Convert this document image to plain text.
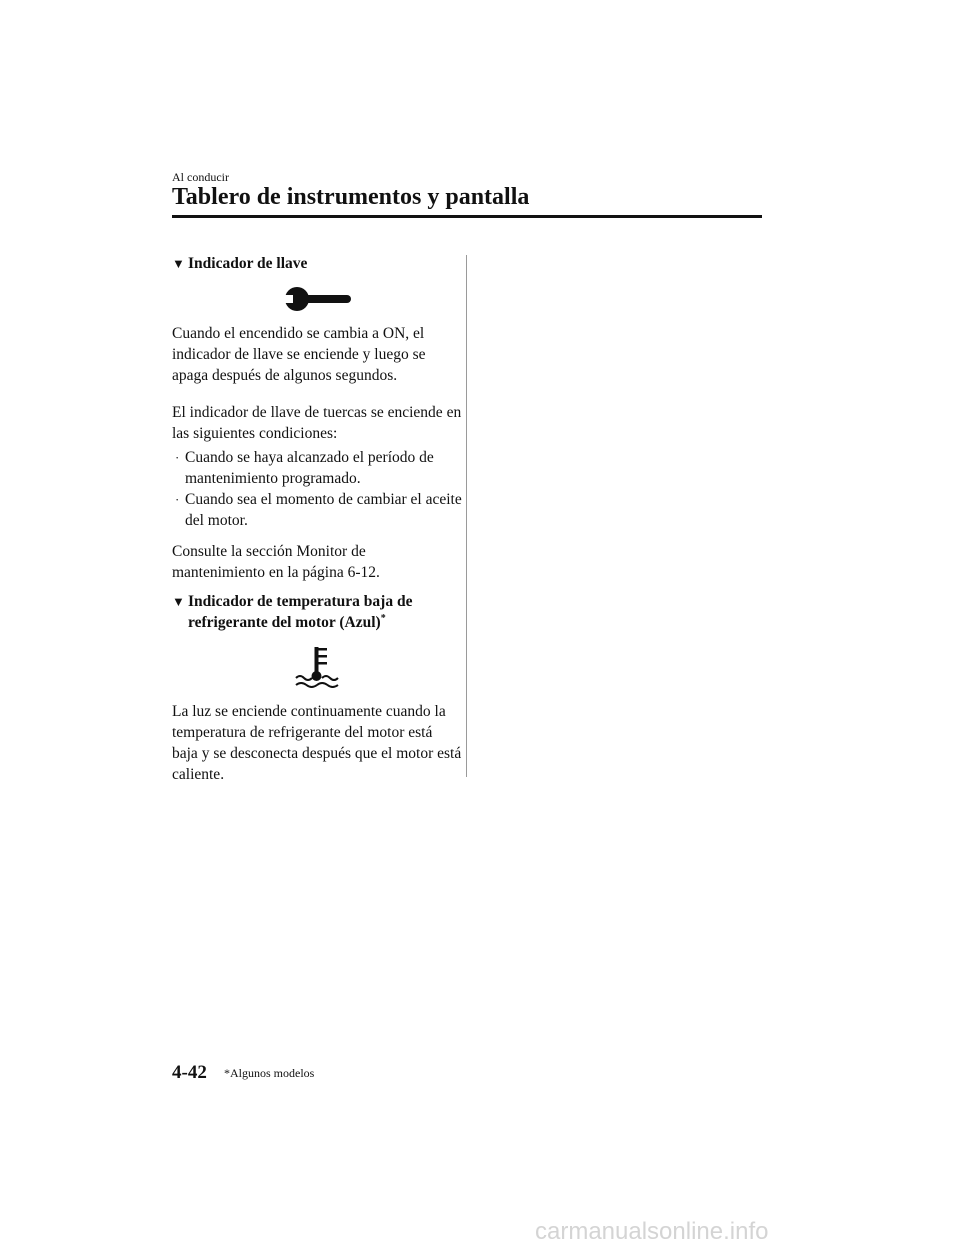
Al conducir
Tablero de instrumentos y pantalla
▼ Indicador de llave

Cuando el encendido se cambia a ON, el indicador de llave se enciende y luego se apaga después de algunos segundos.

El indicador de llave de tuercas se enciende en las siguientes condiciones:

· Cuando se haya alcanzado el período de mantenimiento programado.
· Cuando sea el momento de cambiar el aceite del motor.

Consulte la sección Monitor de mantenimiento en la página 6-12.

▼ Indicador de temperatura baja de refrigerante del motor (Azul)*

La luz se enciende continuamente cuando la temperatura de refrigerante del motor está baja y se desconecta después que el motor está caliente.

4-42 *Algunos modelos
carmanualsonline.info
